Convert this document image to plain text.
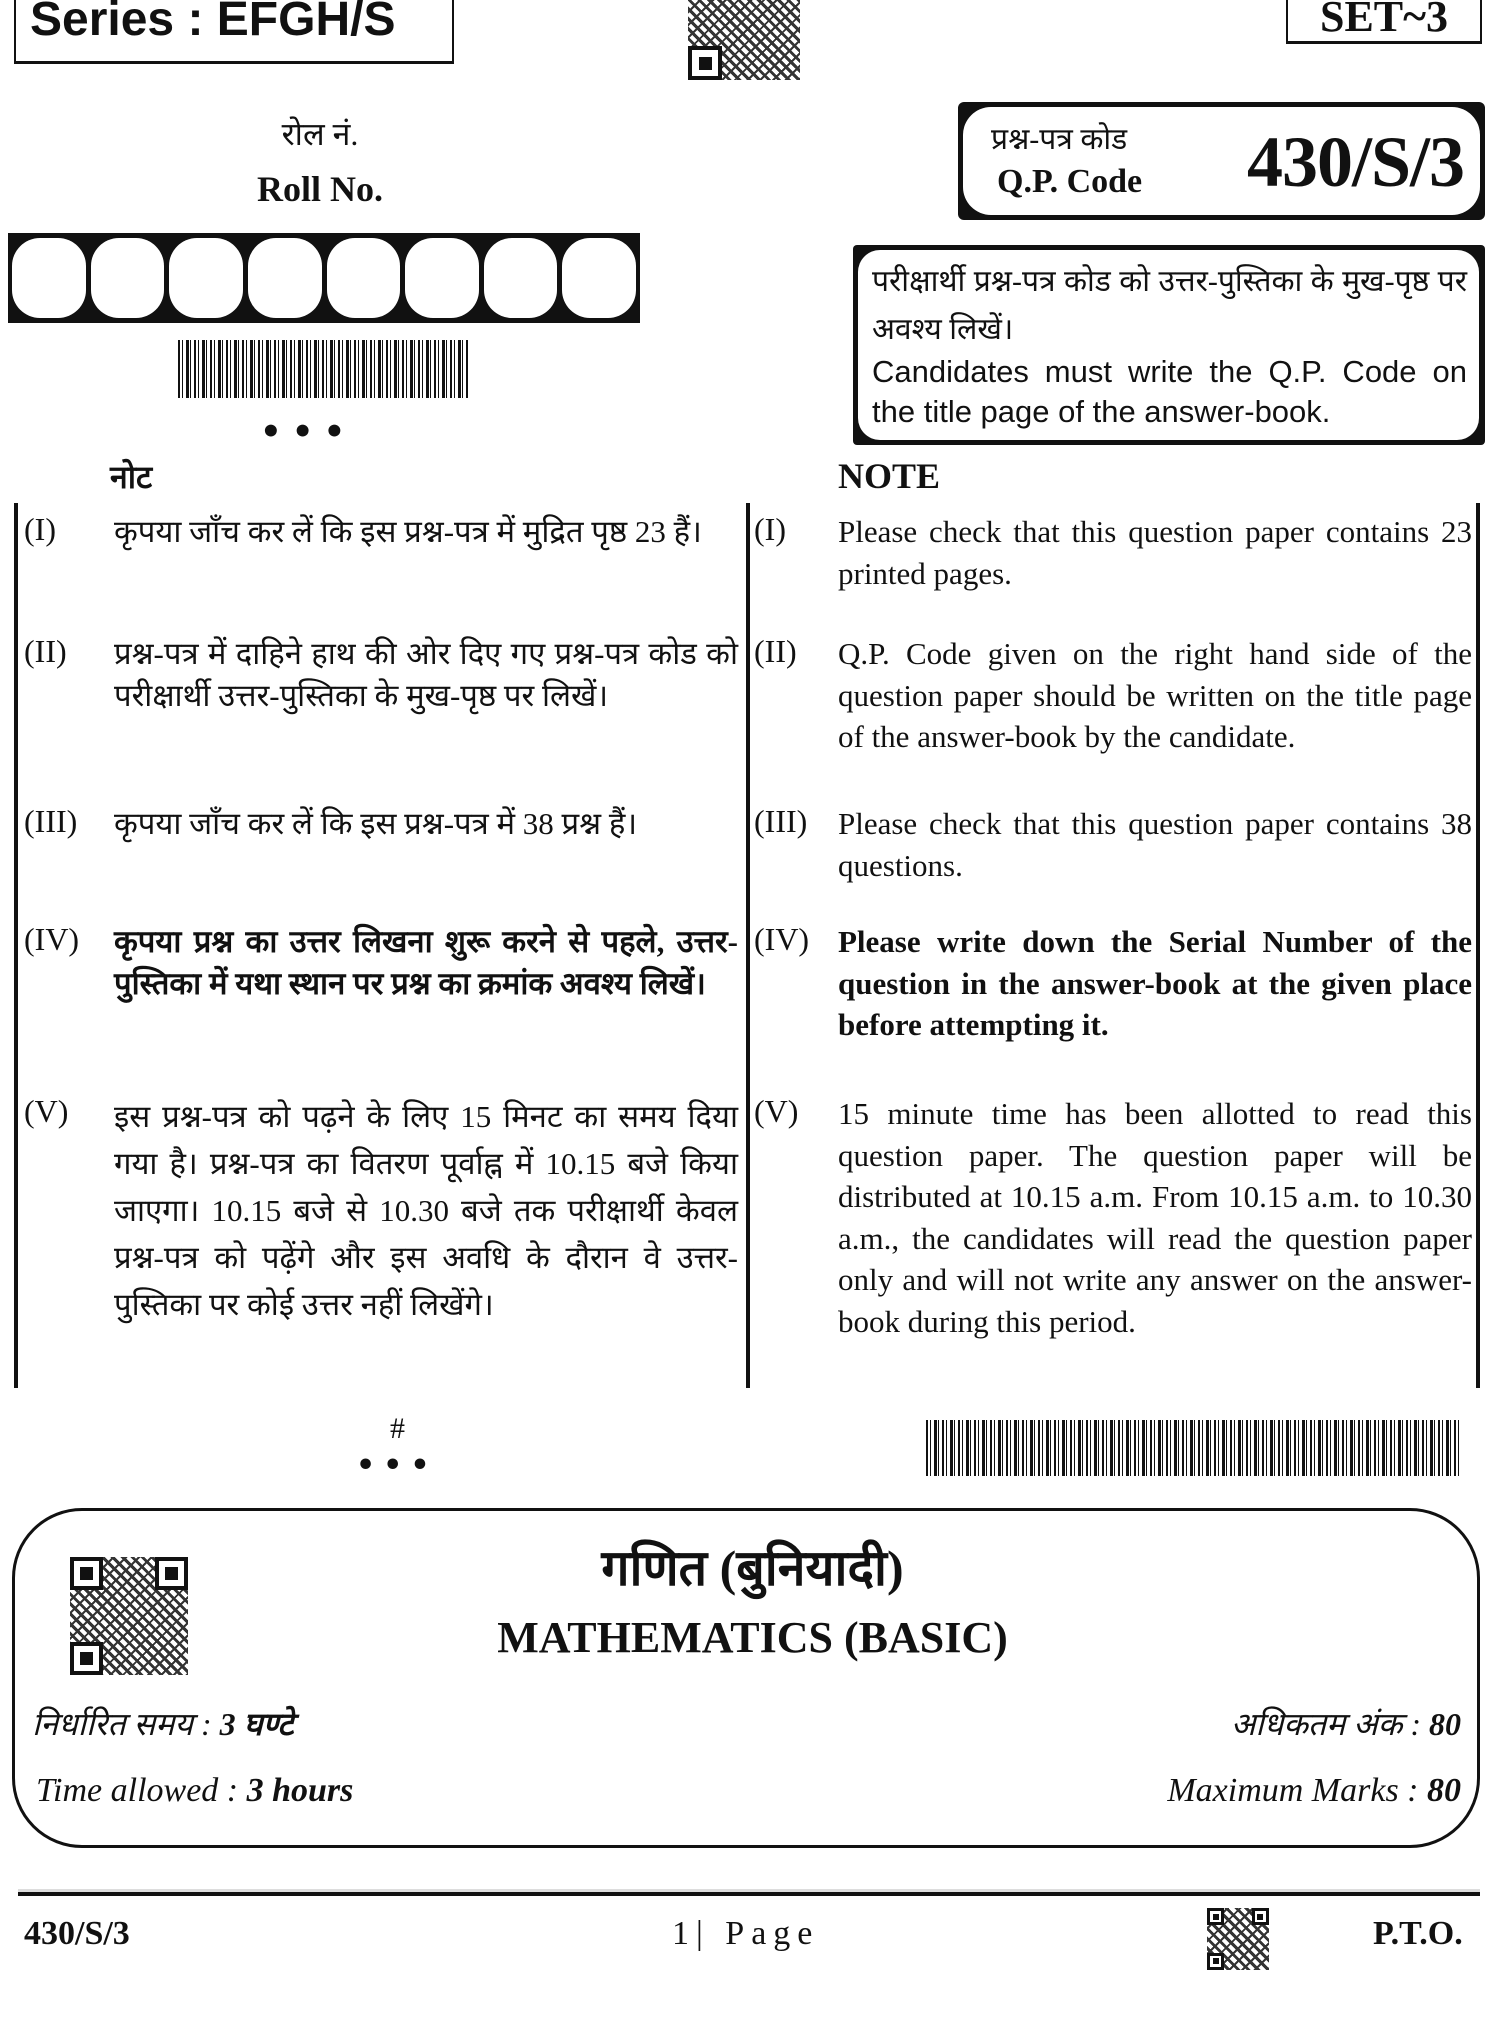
Series : EFGH/S	SET~3
रोल नं.
Roll No.
•••
प्रश्न-पत्र कोड
Q.P. Code 430/S/3
परीक्षार्थी प्रश्न-पत्र कोड को उत्तर-पुस्तिका के मुख-पृष्ठ पर अवश्य लिखें।
Candidates must write the Q.P. Code on the title page of the answer-book.
नोट	NOTE
(I) कृपया जाँच कर लें कि इस प्रश्न-पत्र में मुद्रित पृष्ठ 23 हैं।
(II) प्रश्न-पत्र में दाहिने हाथ की ओर दिए गए प्रश्न-पत्र कोड को परीक्षार्थी उत्तर-पुस्तिका के मुख-पृष्ठ पर लिखें।
(III) कृपया जाँच कर लें कि इस प्रश्न-पत्र में 38 प्रश्न हैं।
(IV) कृपया प्रश्न का उत्तर लिखना शुरू करने से पहले, उत्तर-पुस्तिका में यथा स्थान पर प्रश्न का क्रमांक अवश्य लिखें।
(V) इस प्रश्न-पत्र को पढ़ने के लिए 15 मिनट का समय दिया गया है। प्रश्न-पत्र का वितरण पूर्वाह्न में 10.15 बजे किया जाएगा। 10.15 बजे से 10.30 बजे तक परीक्षार्थी केवल प्रश्न-पत्र को पढ़ेंगे और इस अवधि के दौरान वे उत्तर-पुस्तिका पर कोई उत्तर नहीं लिखेंगे।
(I) Please check that this question paper contains 23 printed pages.
(II) Q.P. Code given on the right hand side of the question paper should be written on the title page of the answer-book by the candidate.
(III) Please check that this question paper contains 38 questions.
(IV) Please write down the Serial Number of the question in the answer-book at the given place before attempting it.
(V) 15 minute time has been allotted to read this question paper. The question paper will be distributed at 10.15 a.m. From 10.15 a.m. to 10.30 a.m., the candidates will read the question paper only and will not write any answer on the answer-book during this period.
#
•••
गणित (बुनियादी)
MATHEMATICS (BASIC)
निर्धारित समय : 3 घण्टे
Time allowed : 3 hours
अधिकतम अंक : 80
Maximum Marks : 80
430/S/3	1| Page	P.T.O.
